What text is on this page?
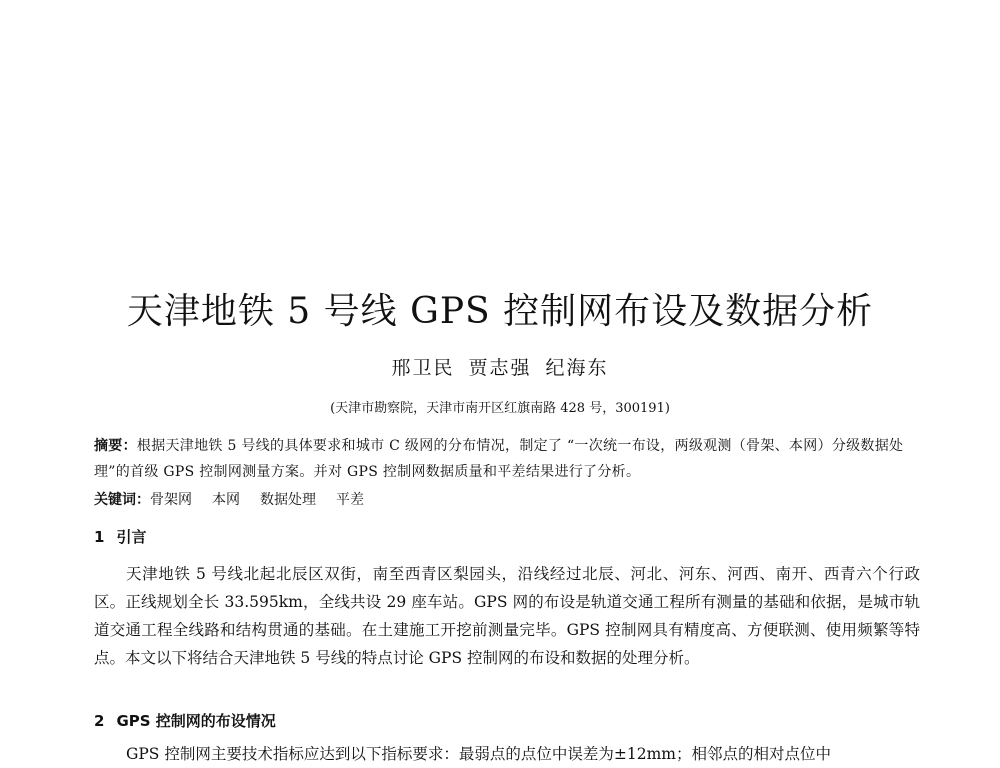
天津地铁 5 号线 GPS 控制网布设及数据分析
邢卫民 贾志强 纪海东
(天津市勘察院，天津市南开区红旗南路 428 号，300191)
摘要：根据天津地铁 5 号线的具体要求和城市 C 级网的分布情况，制定了 “一次统一布设，两级观测（骨架、本网）分级数据处理”的首级 GPS 控制网测量方案。并对 GPS 控制网数据质量和平差结果进行了分析。
关键词：骨架网 本网 数据处理 平差
1 引言
天津地铁 5 号线北起北辰区双街，南至西青区梨园头，沿线经过北辰、河北、河东、河西、南开、西青六个行政区。正线规划全长 33.595km，全线共设 29 座车站。GPS 网的布设是轨道交通工程所有测量的基础和依据，是城市轨道交通工程全线路和结构贯通的基础。在土建施工开挖前测量完毕。GPS 控制网具有精度高、方便联测、使用频繁等特点。本文以下将结合天津地铁 5 号线的特点讨论 GPS 控制网的布设和数据的处理分析。
2 GPS 控制网的布设情况
GPS 控制网主要技术指标应达到以下指标要求：最弱点的点位中误差为±12mm；相邻点的相对点位中
